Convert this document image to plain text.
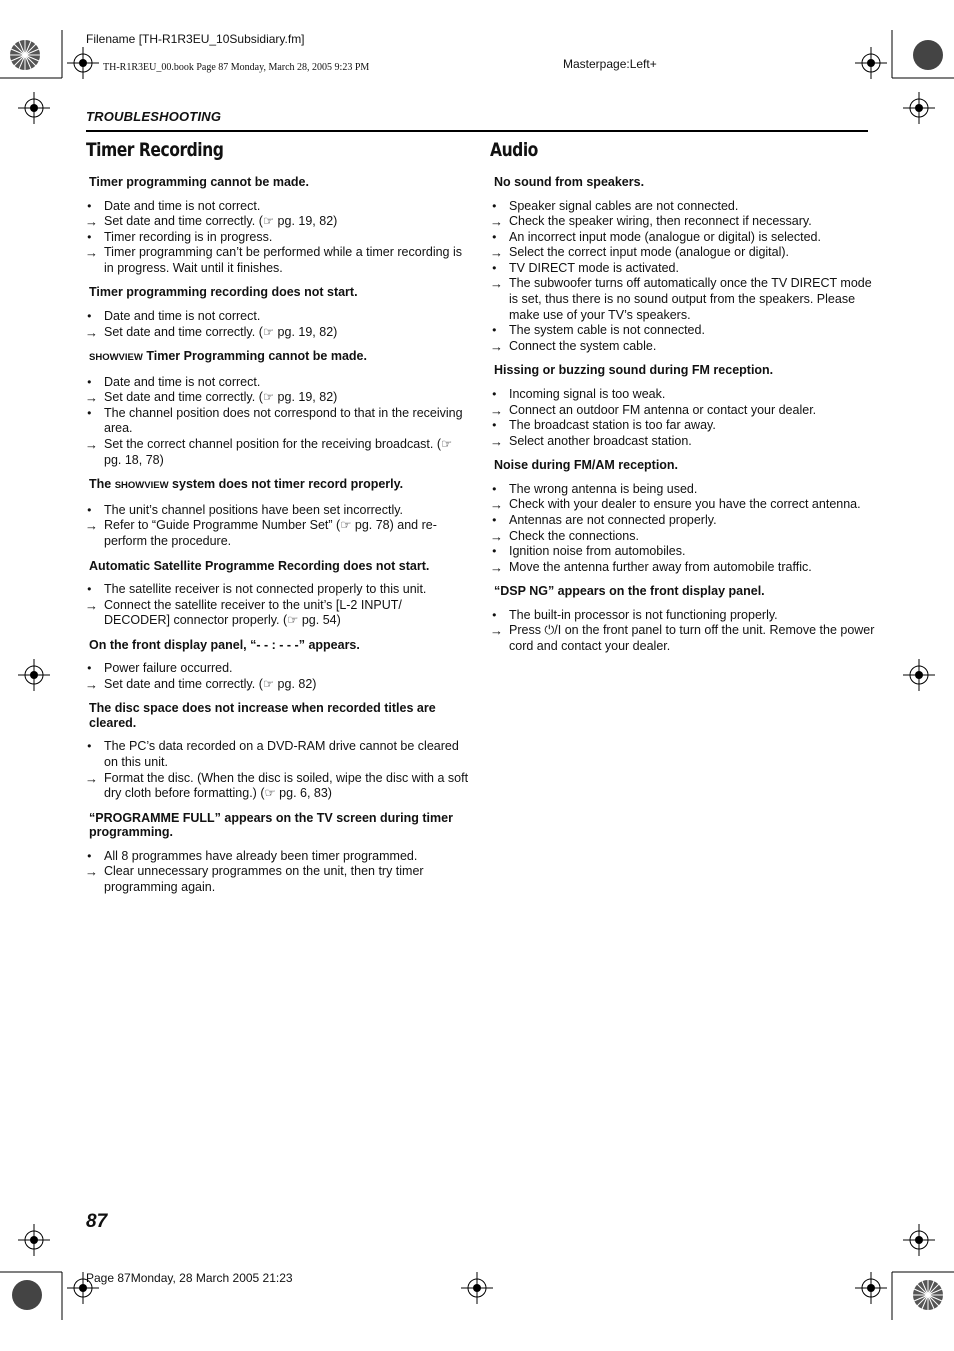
Filename [TH-R1R3EU_10Subsidiary.fm]
TH-R1R3EU_00.book Page 87 Monday, March 28, 2005 9:23 PM	Masterpage:Left+
TROUBLESHOOTING
Timer Recording	Audio
Timer programming cannot be made.
●
Date and time is not correct.
→
Set date and time correctly. (☞ pg. 19, 82)
●
Timer recording is in progress.
→
Timer programming can’t be performed while a timer recording is in progress. Wait until it finishes.
Timer programming recording does not start.
●
Date and time is not correct.
→
Set date and time correctly. (☞ pg. 19, 82)
SHOWVIEW Timer Programming cannot be made.
●
Date and time is not correct.
→
Set date and time correctly. (☞ pg. 19, 82)
●
The channel position does not correspond to that in the receiving area.
→
Set the correct channel position for the receiving broadcast. (☞ pg. 18, 78)
The SHOWVIEW system does not timer record properly.
●
The unit’s channel positions have been set incorrectly.
→
Refer to “Guide Programme Number Set” (☞ pg. 78) and re-perform the procedure.
Automatic Satellite Programme Recording does not start.
●
The satellite receiver is not connected properly to this unit.
→
Connect the satellite receiver to the unit’s [L-2 INPUT/ DECODER] connector properly. (☞ pg. 54)
On the front display panel, “- - : - - -” appears.
●
Power failure occurred.
→
Set date and time correctly. (☞ pg. 82)
The disc space does not increase when recorded titles are cleared.
●
The PC’s data recorded on a DVD-RAM drive cannot be cleared on this unit.
→
Format the disc. (When the disc is soiled, wipe the disc with a soft dry cloth before formatting.) (☞ pg. 6, 83)
“PROGRAMME FULL” appears on the TV screen during timer programming.
●
All 8 programmes have already been timer programmed.
→
Clear unnecessary programmes on the unit, then try timer programming again.
No sound from speakers.
●
Speaker signal cables are not connected.
→
Check the speaker wiring, then reconnect if necessary.
●
An incorrect input mode (analogue or digital) is selected.
→
Select the correct input mode (analogue or digital).
●
TV DIRECT mode is activated.
→
The subwoofer turns off automatically once the TV DIRECT mode is set, thus there is no sound output from the speakers. Please make use of your TV’s speakers.
●
The system cable is not connected.
→
Connect the system cable.
Hissing or buzzing sound during FM reception.
●
Incoming signal is too weak.
→
Connect an outdoor FM antenna or contact your dealer.
●
The broadcast station is too far away.
→
Select another broadcast station.
Noise during FM/AM reception.
●
The wrong antenna is being used.
→
Check with your dealer to ensure you have the correct antenna.
●
Antennas are not connected properly.
→
Check the connections.
●
Ignition noise from automobiles.
→
Move the antenna further away from automobile traffic.
“DSP NG” appears on the front display panel.
●
The built-in processor is not functioning properly.
→
Press ⏻/I on the front panel to turn off the unit. Remove the power cord and contact your dealer.
87
Page 87Monday, 28 March 2005 21:23
